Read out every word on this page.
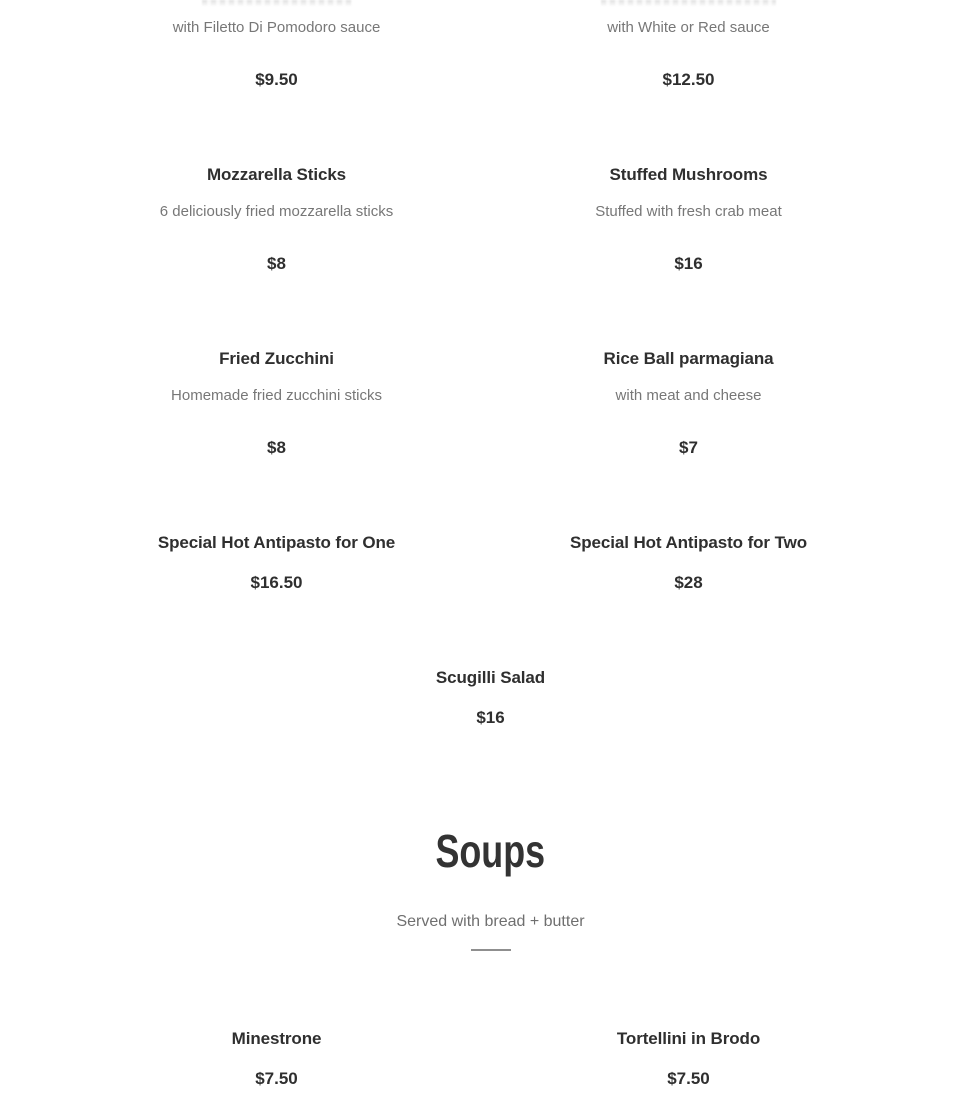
with Filetto Di Pomodoro sauce
$9.50
with White or Red sauce
$12.50
Mozzarella Sticks
6 deliciously fried mozzarella sticks
$8
Stuffed Mushrooms
Stuffed with fresh crab meat
$16
Fried Zucchini
Homemade fried zucchini sticks
$8
Rice Ball parmagiana
with meat and cheese
$7
Special Hot Antipasto for One
$16.50
Special Hot Antipasto for Two
$28
Scugilli Salad
$16
Soups
Served with bread + butter
Minestrone
$7.50
Tortellini in Brodo
$7.50
